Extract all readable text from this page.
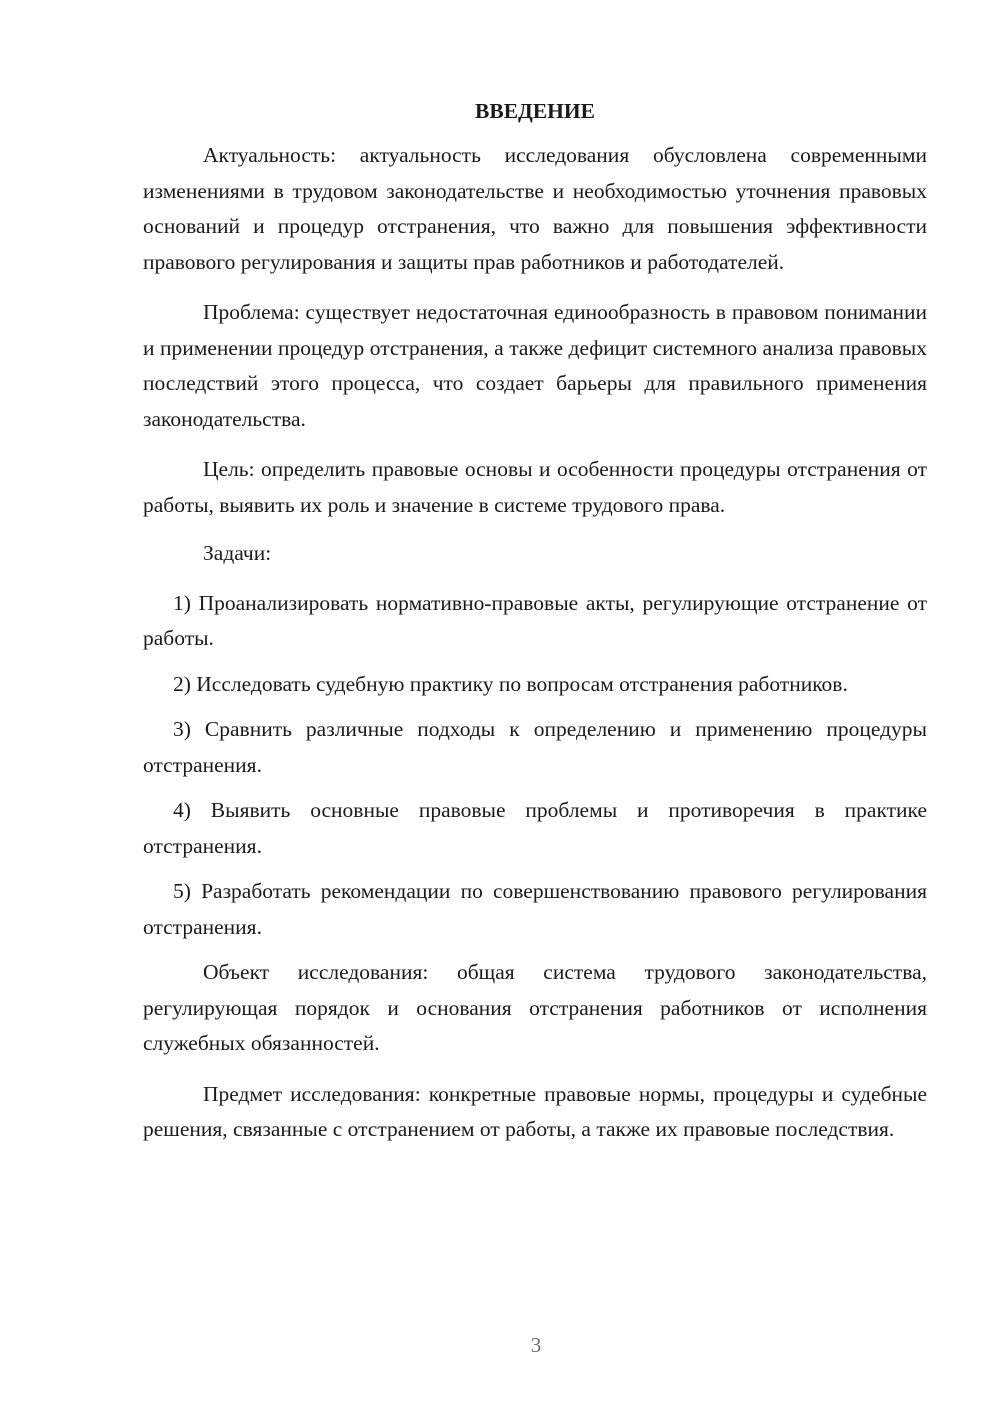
ВВЕДЕНИЕ

Актуальность: актуальность исследования обусловлена современными изменениями в трудовом законодательстве и необходимостью уточнения правовых оснований и процедур отстранения, что важно для повышения эффективности правового регулирования и защиты прав работников и работодателей.

Проблема: существует недостаточная единообразность в правовом понимании и применении процедур отстранения, а также дефицит системного анализа правовых последствий этого процесса, что создает барьеры для правильного применения законодательства.

Цель: определить правовые основы и особенности процедуры отстранения от работы, выявить их роль и значение в системе трудового права.

Задачи:

1) Проанализировать нормативно-правовые акты, регулирующие отстранение от работы.

2) Исследовать судебную практику по вопросам отстранения работников.

3) Сравнить различные подходы к определению и применению процедуры отстранения.

4) Выявить основные правовые проблемы и противоречия в практике отстранения.

5) Разработать рекомендации по совершенствованию правового регулирования отстранения.

Объект исследования: общая система трудового законодательства, регулирующая порядок и основания отстранения работников от исполнения служебных обязанностей.

Предмет исследования: конкретные правовые нормы, процедуры и судебные решения, связанные с отстранением от работы, а также их правовые последствия.

3
